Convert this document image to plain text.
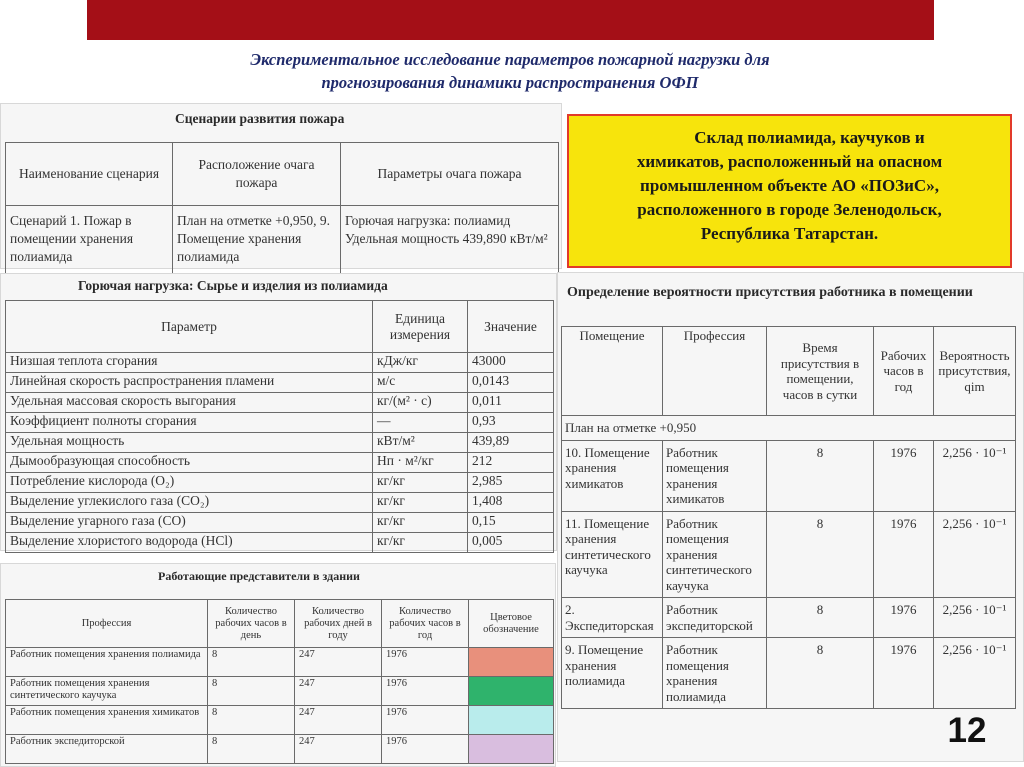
Экспериментальное исследование параметров пожарной нагрузки для
прогнозирования динамики распространения ОФП
Сценарии развития пожара
Наименование сценария	Расположение очага пожара	Параметры очага пожара
Сценарий 1. Пожар в помещении хранения полиамида	План на отметке +0,950, 9. Помещение хранения полиамида	Горючая нагрузка: полиамид Удельная мощность 439,890 кВт/м²
Горючая нагрузка: Сырье и изделия из полиамида
Параметр	Единица измерения	Значение
Низшая теплота сгорания	кДж/кг	43000
Линейная скорость распространения пламени	м/с	0,0143
Удельная массовая скорость выгорания	кг/(м² · с)	0,011
Коэффициент полноты сгорания	—	0,93
Удельная мощность	кВт/м²	439,89
Дымообразующая способность	Нп · м²/кг	212
Потребление кислорода (O₂)	кг/кг	2,985
Выделение углекислого газа (CO₂)	кг/кг	1,408
Выделение угарного газа (CO)	кг/кг	0,15
Выделение хлористого водорода (HCl)	кг/кг	0,005
Работающие представители в здании
Профессия	Количество рабочих часов в день	Количество рабочих дней в году	Количество рабочих часов в год	Цветовое обозначение
Работник помещения хранения полиамида	8	247	1976	

Работник помещения хранения синтетического каучука	8	247	1976	

Работник помещения хранения химикатов	8	247	1976	

Работник экспедиторской	8	247	1976	
Склад полиамида, каучуков и
химикатов, расположенный на опасном
промышленном объекте АО «ПОЗиС»,
расположенного в городе Зеленодольск,
Республика Татарстан.
Определение вероятности присутствия работника в помещении
Помещение	Профессия	Время присутствия в помещении, часов в сутки	Рабочих часов в год	Вероятность присутствия, qim
План на отметке +0,950				
10. Помещение хранения химикатов	Работник помещения хранения химикатов	8	1976	2,256 · 10⁻¹
11. Помещение хранения синтетического каучука	Работник помещения хранения синтетического каучука	8	1976	2,256 · 10⁻¹
2. Экспедиторская	Работник экспедиторской	8	1976	2,256 · 10⁻¹
9. Помещение хранения полиамида	Работник помещения хранения полиамида	8	1976	2,256 · 10⁻¹
12
